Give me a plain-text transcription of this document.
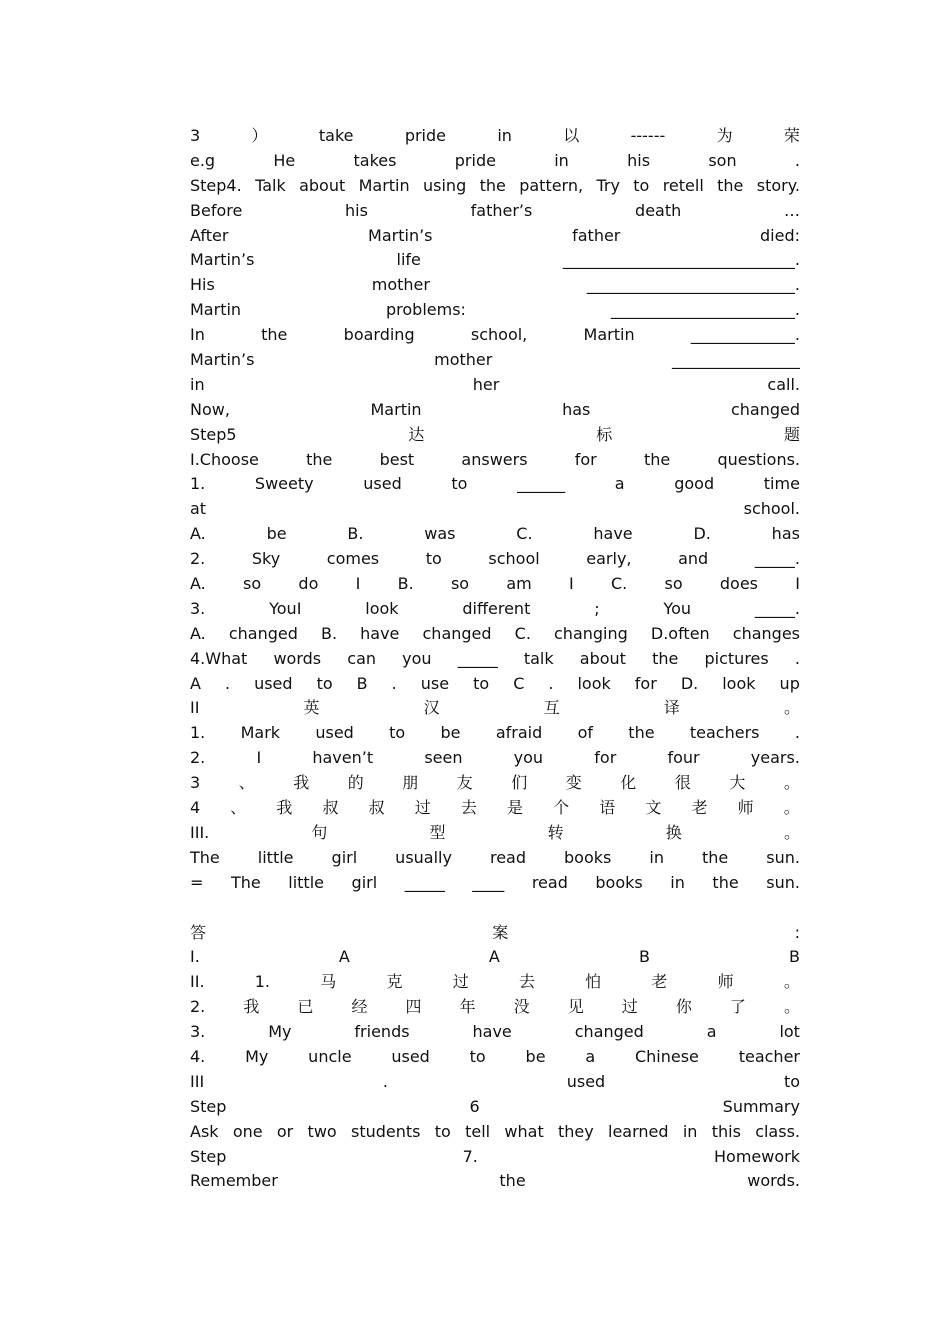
3	）	take	pride	in	以	------	为	荣
e.g	He	takes	pride	in	his	son	.
Step4. Talk about Martin using the pattern, Try to retell the story.
Before	his	father’s	death	…
After	Martin’s	father	died:
Martin’s	life	_____________________________.
His	mother	__________________________.
Martin	problems:	_______________________.
In	the	boarding	school,	Martin	_____________.
Martin’s	mother	________________
in	her	call.
Now,	Martin	has	changed
Step5	达	标	题
I.Choose	the	best	answers	for	the	questions.
1.	Sweety	used	to	______	a	good	time
at	school.
A.	be	B.	was	C.	have	D.	has
2.	Sky	comes	to	school	early,	and	_____.
A. so do I B. so am I C. so does I
3.	YouI	look	different	;	You	_____.
A. changed B. have changed C. changing D.often changes
4.What words can you _____ talk about the pictures .
A . used to B . use to C . look for D. look up
II	英	汉	互	译	。
1. Mark used to be afraid of the teachers .
2.	I	haven’t	seen	you	for	four	years.
3 、 我 的 朋 友 们 变 化 很 大 。
4 、 我 叔 叔 过 去 是 个 语 文 老 师 。
III.	句	型	转	换	。
The little girl usually read books in the sun.
= The little girl _____ ____ read books in the sun.
答	案	:
I.	A	A	B	B
II.	1.	马	克	过	去	怕	老	师	。
2. 我 已 经 四 年 没 见 过 你 了 。
3.	My	friends	have	changed	a	lot
4. My uncle used to be a Chinese teacher
III	.	used	to
Step	6	Summary
Ask one or two students to tell what they learned in this class.
Step	7.	Homework
Remember	the	words.
